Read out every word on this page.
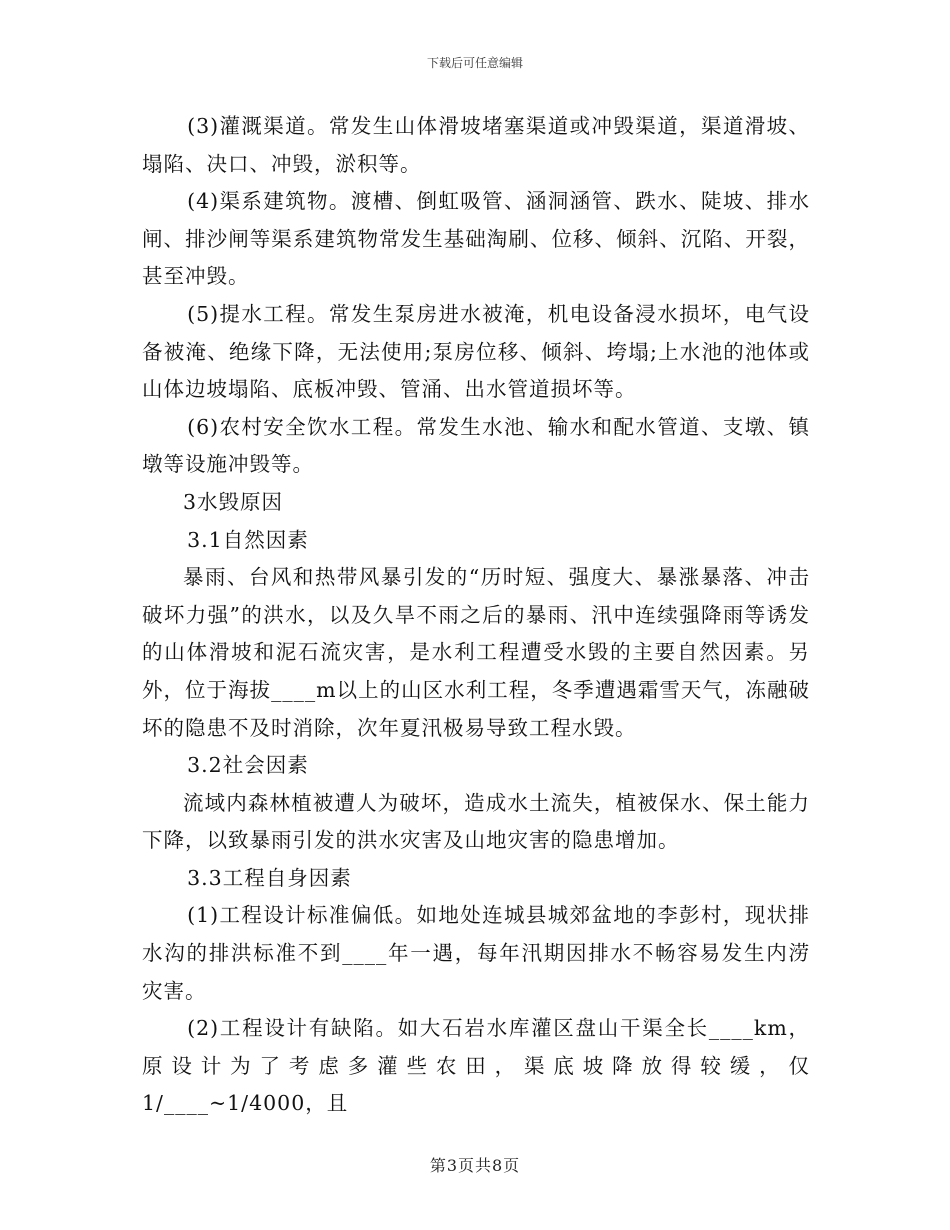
下载后可任意编辑

(3)灌溉渠道。常发生山体滑坡堵塞渠道或冲毁渠道，渠道滑坡、塌陷、决口、冲毁，淤积等。

(4)渠系建筑物。渡槽、倒虹吸管、涵洞涵管、跌水、陡坡、排水闸、排沙闸等渠系建筑物常发生基础淘刷、位移、倾斜、沉陷、开裂，甚至冲毁。

(5)提水工程。常发生泵房进水被淹，机电设备浸水损坏，电气设备被淹、绝缘下降，无法使用;泵房位移、倾斜、垮塌;上水池的池体或山体边坡塌陷、底板冲毁、管涌、出水管道损坏等。

(6)农村安全饮水工程。常发生水池、输水和配水管道、支墩、镇墩等设施冲毁等。

3水毁原因

3.1自然因素

暴雨、台风和热带风暴引发的“历时短、强度大、暴涨暴落、冲击破坏力强”的洪水，以及久旱不雨之后的暴雨、汛中连续强降雨等诱发的山体滑坡和泥石流灾害，是水利工程遭受水毁的主要自然因素。另外，位于海拔____m以上的山区水利工程，冬季遭遇霜雪天气，冻融破坏的隐患不及时消除，次年夏汛极易导致工程水毁。

3.2社会因素

流域内森林植被遭人为破坏，造成水土流失，植被保水、保土能力下降，以致暴雨引发的洪水灾害及山地灾害的隐患增加。

3.3工程自身因素

(1)工程设计标准偏低。如地处连城县城郊盆地的李彭村，现状排水沟的排洪标准不到____年一遇，每年汛期因排水不畅容易发生内涝灾害。

(2)工程设计有缺陷。如大石岩水库灌区盘山干渠全长____km，原设计为了考虑多灌些农田，渠底坡降放得较缓，仅1/____~1/4000，且

第3页共8页
